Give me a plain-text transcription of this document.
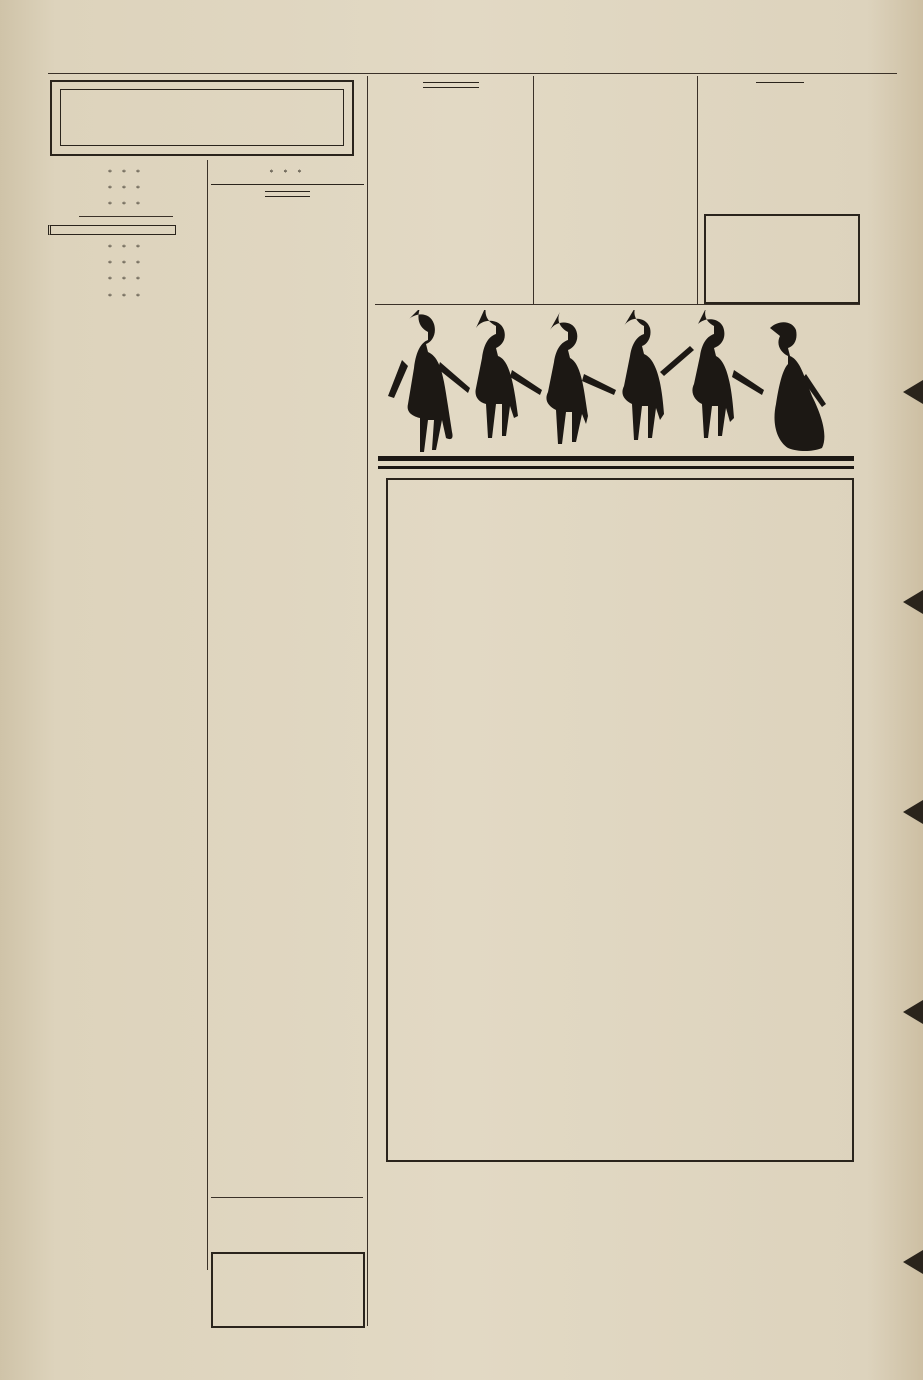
* * *

* * *

* * *

* * *

* * *

* * *

* * *

* * *
